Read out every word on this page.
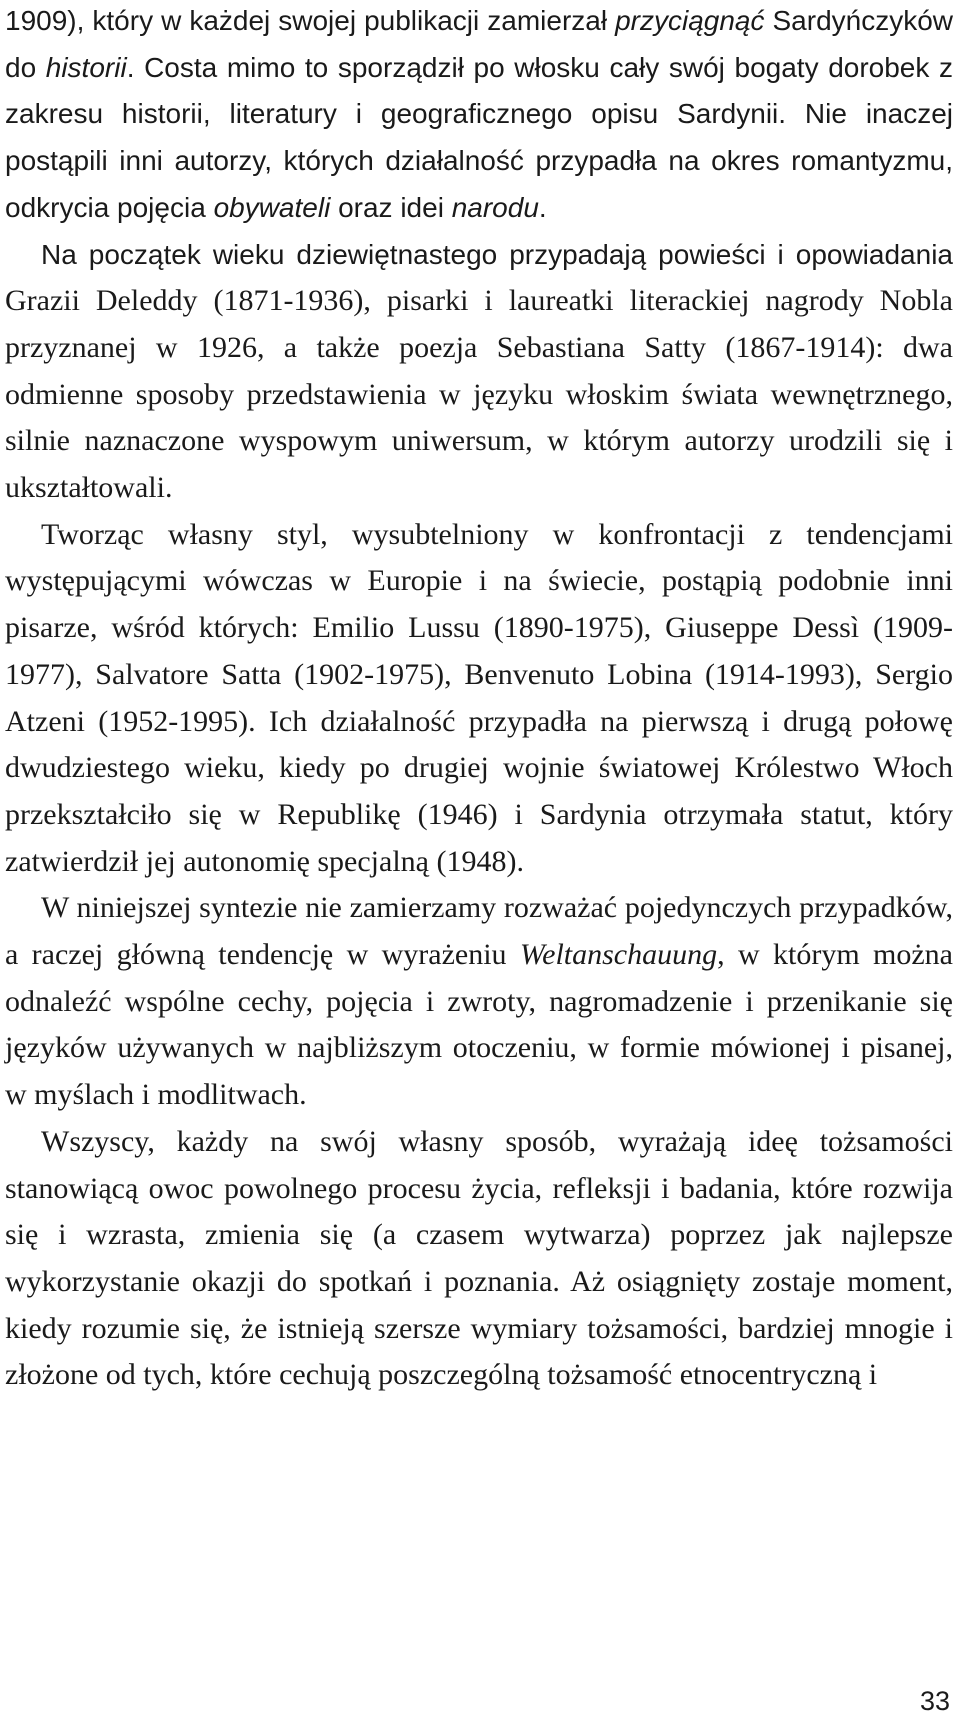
1909), który w każdej swojej publikacji zamierzał przyciągnąć Sardyńczyków do historii. Costa mimo to sporządził po włosku cały swój bogaty dorobek z zakresu historii, literatury i geograficznego opisu Sardynii. Nie inaczej postąpili inni autorzy, których działalność przypadła na okres romantyzmu, odkrycia pojęcia obywateli oraz idei narodu.

Na początek wieku dziewiętnastego przypadają powieści i opowiadania Grazii Deleddy (1871-1936), pisarki i laureatki literackiej nagrody Nobla przyznanej w 1926, a także poezja Sebastiana Satty (1867-1914): dwa odmienne sposoby przedstawienia w języku włoskim świata wewnętrznego, silnie naznaczone wyspowym uniwersum, w którym autorzy urodzili się i ukształtowali.

Tworząc własny styl, wysubtelniony w konfrontacji z tendencjami występującymi wówczas w Europie i na świecie, postąpią podobnie inni pisarze, wśród których: Emilio Lussu (1890-1975), Giuseppe Dessì (1909-1977), Salvatore Satta (1902-1975), Benvenuto Lobina (1914-1993), Sergio Atzeni (1952-1995). Ich działalność przypadła na pierwszą i drugą połowę dwudziestego wieku, kiedy po drugiej wojnie światowej Królestwo Włoch przekształciło się w Republikę (1946) i Sardynia otrzymała statut, który zatwierdził jej autonomię specjalną (1948).

W niniejszej syntezie nie zamierzamy rozważać pojedynczych przypadków, a raczej główną tendencję w wyrażeniu Weltanschauung, w którym można odnaleźć wspólne cechy, pojęcia i zwroty, nagromadzenie i przenikanie się języków używanych w najbliższym otoczeniu, w formie mówionej i pisanej, w myślach i modlitwach.

Wszyscy, każdy na swój własny sposób, wyrażają ideę tożsamości stanowiącą owoc powolnego procesu życia, refleksji i badania, które rozwija się i wzrasta, zmienia się (a czasem wytwarza) poprzez jak najlepsze wykorzystanie okazji do spotkań i poznania. Aż osiągnięty zostaje moment, kiedy rozumie się, że istnieją szersze wymiary tożsamości, bardziej mnogie i złożone od tych, które cechują poszczególną tożsamość etnocentryczną i

33
